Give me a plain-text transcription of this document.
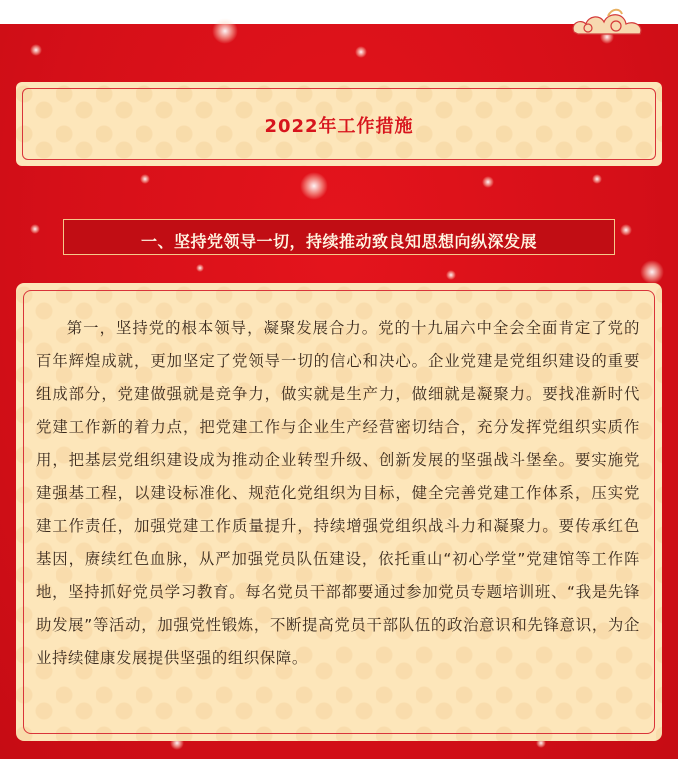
2022年工作措施
一、坚持党领导一切，持续推动致良知思想向纵深发展

第一，坚持党的根本领导，凝聚发展合力。党的十九届六中全会全面肯定了党的百年辉煌成就，更加坚定了党领导一切的信心和决心。企业党建是党组织建设的重要组成部分，党建做强就是竞争力，做实就是生产力，做细就是凝聚力。要找准新时代党建工作新的着力点，把党建工作与企业生产经营密切结合，充分发挥党组织实质作用，把基层党组织建设成为推动企业转型升级、创新发展的坚强战斗堡垒。要实施党建强基工程，以建设标准化、规范化党组织为目标，健全完善党建工作体系，压实党建工作责任，加强党建工作质量提升，持续增强党组织战斗力和凝聚力。要传承红色基因，赓续红色血脉，从严加强党员队伍建设，依托重山“初心学堂”党建馆等工作阵地，坚持抓好党员学习教育。每名党员干部都要通过参加党员专题培训班、“我是先锋助发展”等活动，加强党性锻炼，不断提高党员干部队伍的政治意识和先锋意识，为企业持续健康发展提供坚强的组织保障。
